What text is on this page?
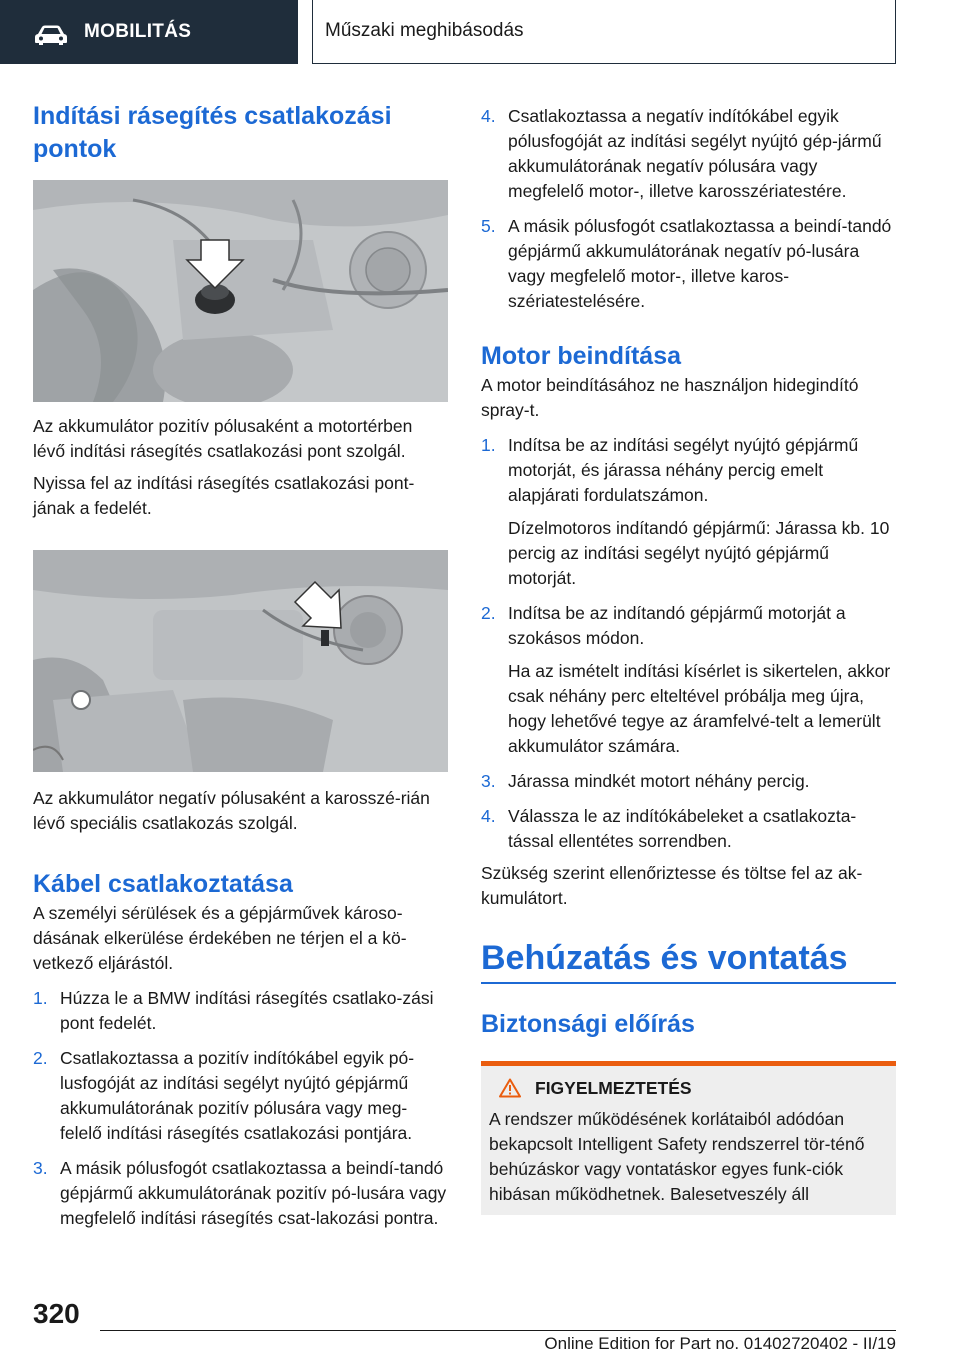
MOBILITÁS	Műszaki meghibásodás
Indítási rásegítés csatlakozási pontok

Az akkumulátor pozitív pólusaként a motortérben lévő indítási rásegítés csatlakozási pont szolgál.

Nyissa fel az indítási rásegítés csatlakozási pont-jának a fedelét.

Az akkumulátor negatív pólusaként a karosszé-rián lévő speciális csatlakozás szolgál.

Kábel csatlakoztatása

A személyi sérülések és a gépjárművek károso-dásának elkerülése érdekében ne térjen el a kö-vetkező eljárástól.

1. Húzza le a BMW indítási rásegítés csatlako-zási pont fedelét.
2. Csatlakoztassa a pozitív indítókábel egyik pó-lusfogóját az indítási segélyt nyújtó gépjármű akkumulátorának pozitív pólusára vagy meg-felelő indítási rásegítés csatlakozási pontjára.
3. A másik pólusfogót csatlakoztassa a beindí-tandó gépjármű akkumulátorának pozitív pó-lusára vagy megfelelő indítási rásegítés csat-lakozási pontra.
4. Csatlakoztassa a negatív indítókábel egyik pólusfogóját az indítási segélyt nyújtó gép-jármű akkumulátorának negatív pólusára vagy megfelelő motor-, illetve karosszériatestére.
5. A másik pólusfogót csatlakoztassa a beindí-tandó gépjármű akkumulátorának negatív pó-lusára vagy megfelelő motor-, illetve karos-szériatestelésére.
Motor beindítása

A motor beindításához ne használjon hidegindító spray-t.

1. Indítsa be az indítási segélyt nyújtó gépjármű motorját, és járassa néhány percig emelt alapjárati fordulatszámon.
Dízelmotoros indítandó gépjármű: Járassa kb. 10 percig az indítási segélyt nyújtó gépjármű motorját.
2. Indítsa be az indítandó gépjármű motorját a szokásos módon.
Ha az ismételt indítási kísérlet is sikertelen, akkor csak néhány perc elteltével próbálja meg újra, hogy lehetővé tegye az áramfelvé-telt a lemerült akkumulátor számára.
3. Járassa mindkét motort néhány percig.
4. Válassza le az indítókábeleket a csatlakozta-tással ellentétes sorrendben.

Szükség szerint ellenőriztesse és töltse fel az ak-kumulátort.

Behúzatás és vontatás
Biztonsági előírás
FIGYELMEZTETÉS

A rendszer működésének korlátaiból adódóan bekapcsolt Intelligent Safety rendszerrel tör-ténő behúzáskor vagy vontatáskor egyes funk-ciók hibásan működhetnek. Balesetveszély áll

320
Online Edition for Part no. 01402720402 - II/19
